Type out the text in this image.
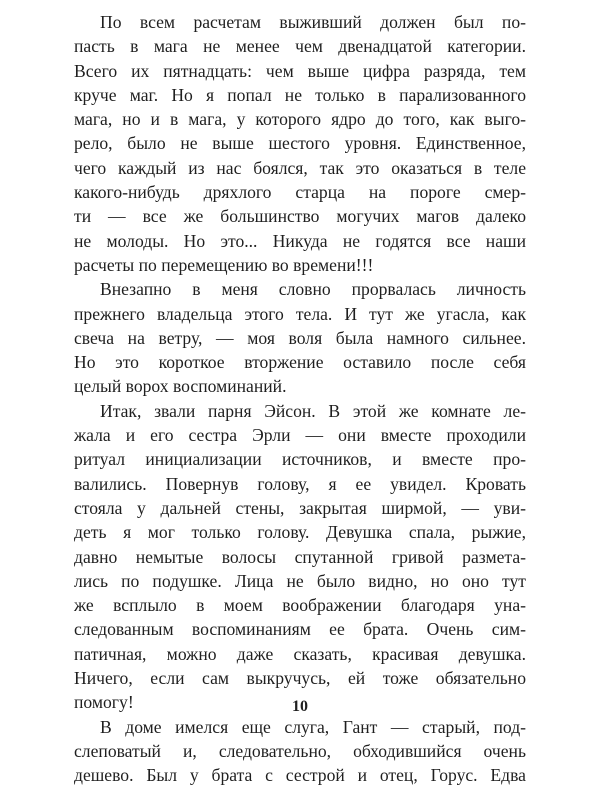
По всем расчетам выживший должен был по-
пасть в мага не менее чем двенадцатой категории.
Всего их пятнадцать: чем выше цифра разряда, тем
круче маг. Но я попал не только в парализованного
мага, но и в мага, у которого ядро до того, как выго-
рело, было не выше шестого уровня. Единственное,
чего каждый из нас боялся, так это оказаться в теле
какого-нибудь дряхлого старца на пороге смер-
ти — все же большинство могучих магов далеко
не молоды. Но это... Никуда не годятся все наши
расчеты по перемещению во времени!!!
Внезапно в меня словно прорвалась личность
прежнего владельца этого тела. И тут же угасла, как
свеча на ветру, — моя воля была намного сильнее.
Но это короткое вторжение оставило после себя
целый ворох воспоминаний.
Итак, звали парня Эйсон. В этой же комнате ле-
жала и его сестра Эрли — они вместе проходили
ритуал инициализации источников, и вместе про-
валились. Повернув голову, я ее увидел. Кровать
стояла у дальней стены, закрытая ширмой, — уви-
деть я мог только голову. Девушка спала, рыжие,
давно немытые волосы спутанной гривой размета-
лись по подушке. Лица не было видно, но оно тут
же всплыло в моем воображении благодаря уна-
следованным воспоминаниям ее брата. Очень сим-
патичная, можно даже сказать, красивая девушка.
Ничего, если сам выкручусь, ей тоже обязательно
помогу!
В доме имелся еще слуга, Гант — старый, под-
слеповатый и, следовательно, обходившийся очень
дешево. Был у брата с сестрой и отец, Горус. Едва
10
